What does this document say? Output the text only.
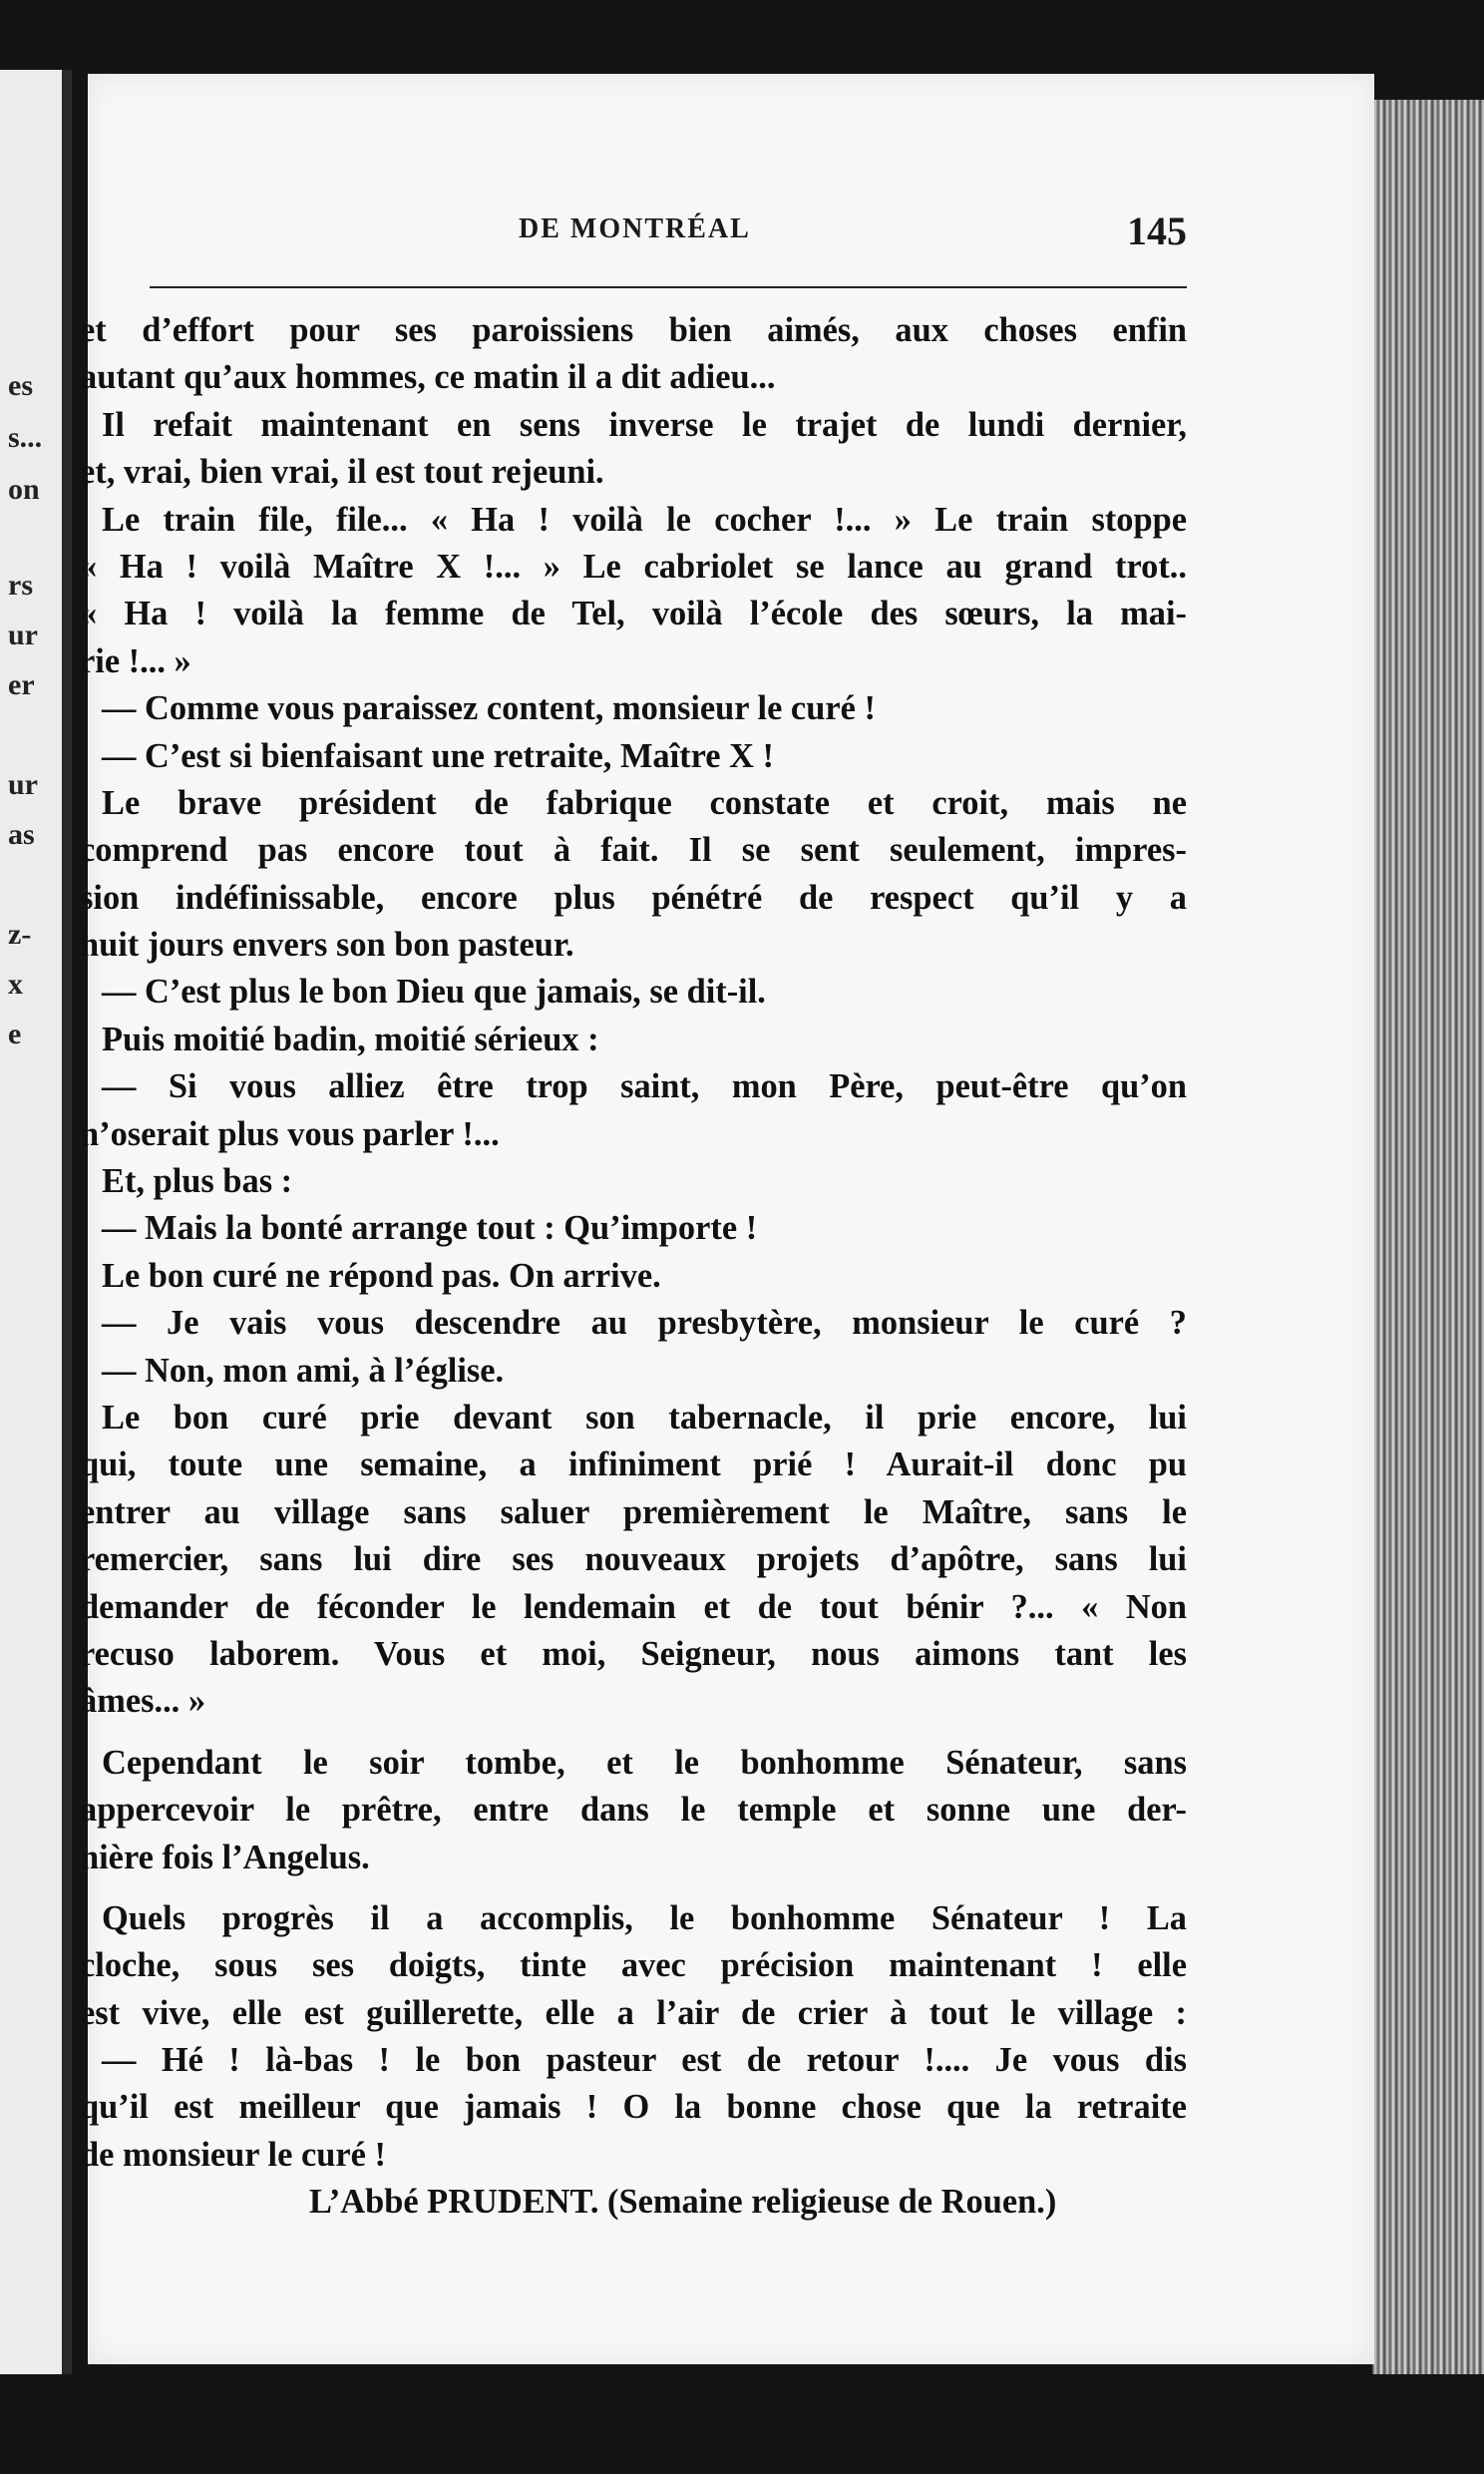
es
s...
on
rs
ur
er
ur
as
z-
x
e
DE MONTRÉAL	145
et d’effort pour ses paroissiens bien aimés, aux choses enfin
autant qu’aux hommes, ce matin il a dit adieu...
Il refait maintenant en sens inverse le trajet de lundi dernier,
et, vrai, bien vrai, il est tout rejeuni.
Le train file, file... « Ha ! voilà le cocher !... » Le train stoppe
« Ha ! voilà Maître X !... » Le cabriolet se lance au grand trot..
« Ha ! voilà la femme de Tel, voilà l’école des sœurs, la mai-
rie !... »
— Comme vous paraissez content, monsieur le curé !
— C’est si bienfaisant une retraite, Maître X !
Le brave président de fabrique constate et croit, mais ne
comprend pas encore tout à fait. Il se sent seulement, impres-
sion indéfinissable, encore plus pénétré de respect qu’il y a
huit jours envers son bon pasteur.
— C’est plus le bon Dieu que jamais, se dit-il.
Puis moitié badin, moitié sérieux :
— Si vous alliez être trop saint, mon Père, peut-être qu’on
n’oserait plus vous parler !...
Et, plus bas :
— Mais la bonté arrange tout : Qu’importe !
Le bon curé ne répond pas. On arrive.
— Je vais vous descendre au presbytère, monsieur le curé ?
— Non, mon ami, à l’église.
Le bon curé prie devant son tabernacle, il prie encore, lui
qui, toute une semaine, a infiniment prié ! Aurait-il donc pu
entrer au village sans saluer premièrement le Maître, sans le
remercier, sans lui dire ses nouveaux projets d’apôtre, sans lui
demander de féconder le lendemain et de tout bénir ?... « Non
recuso laborem. Vous et moi, Seigneur, nous aimons tant les
âmes... »
Cependant le soir tombe, et le bonhomme Sénateur, sans
appercevoir le prêtre, entre dans le temple et sonne une der-
nière fois l’Angelus.
Quels progrès il a accomplis, le bonhomme Sénateur ! La
cloche, sous ses doigts, tinte avec précision maintenant ! elle
est vive, elle est guillerette, elle a l’air de crier à tout le village :
— Hé ! là-bas ! le bon pasteur est de retour !.... Je vous dis
qu’il est meilleur que jamais ! O la bonne chose que la retraite
de monsieur le curé !
L’Abbé PRUDENT. (Semaine religieuse de Rouen.)
